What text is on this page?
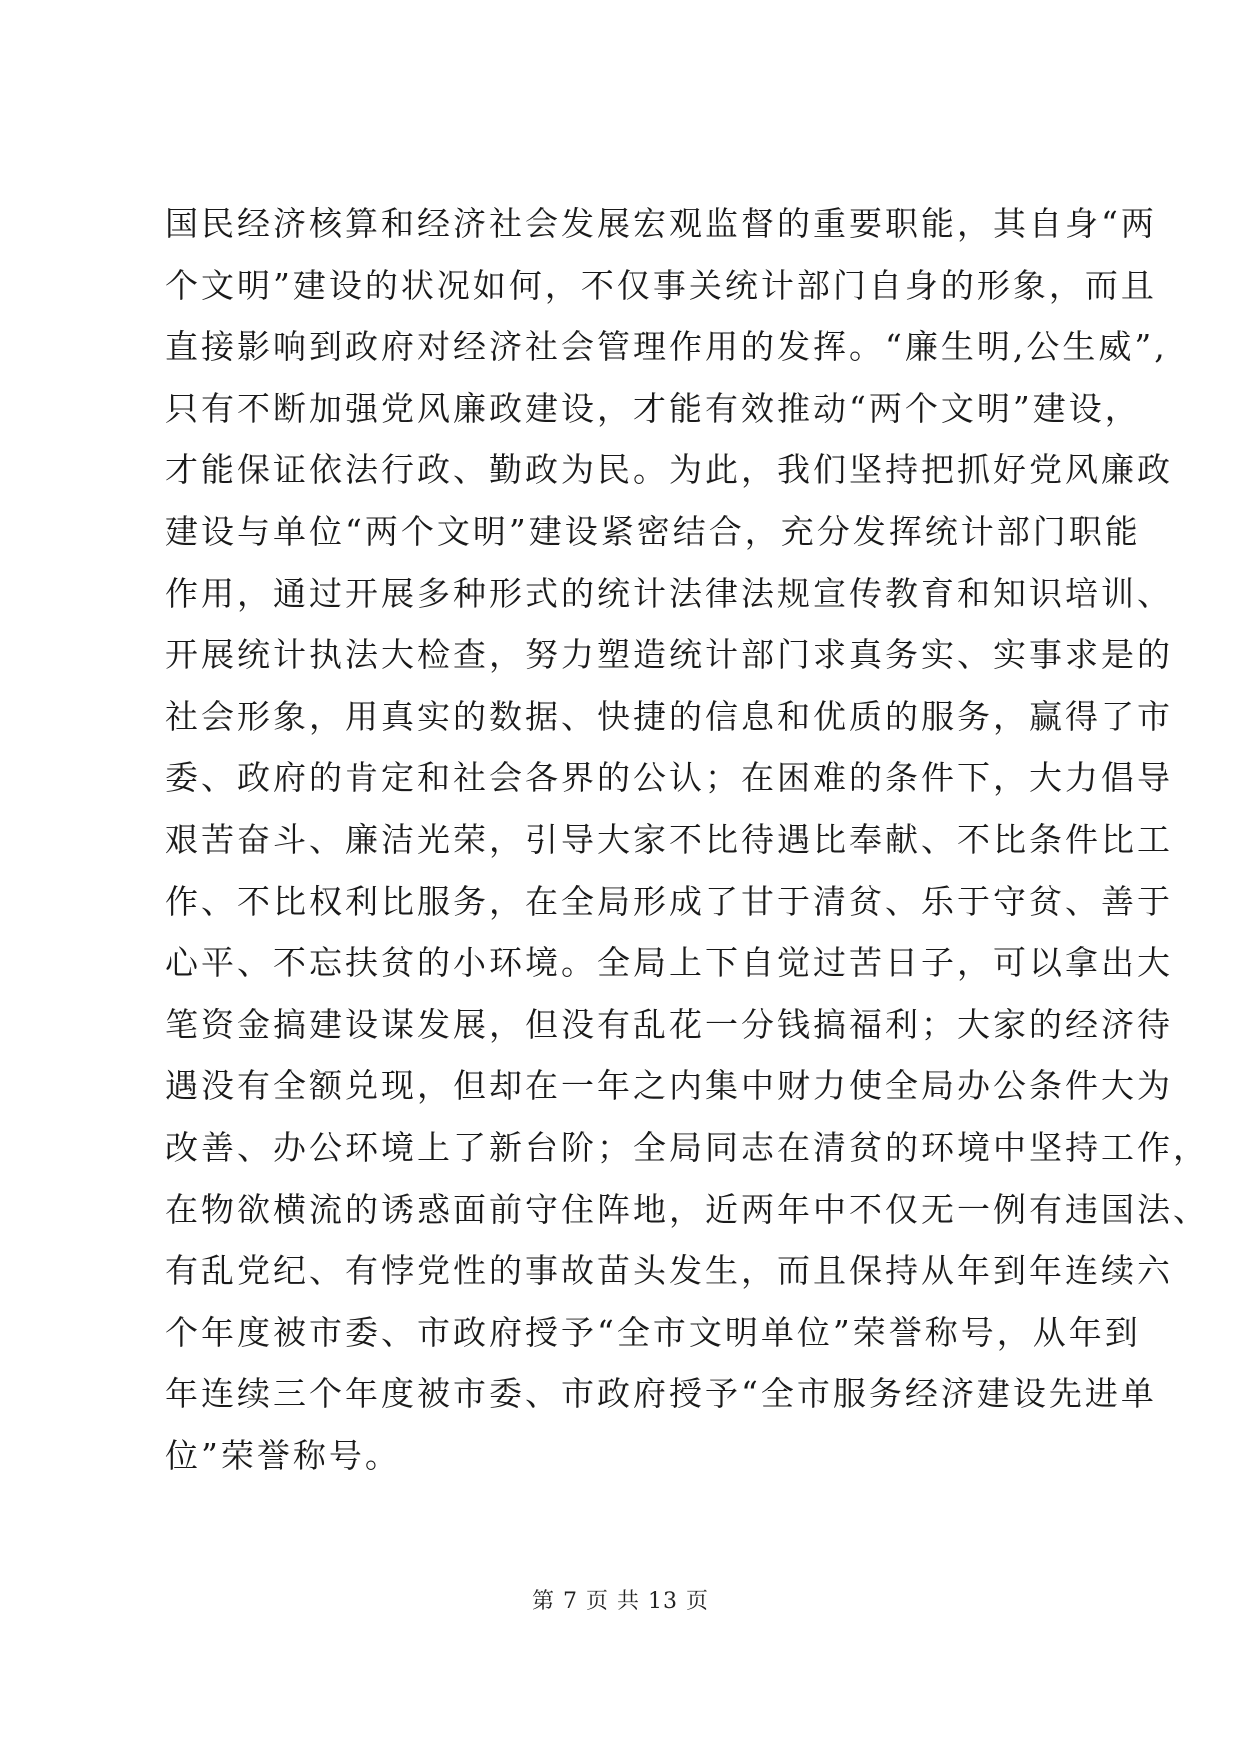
国民经济核算和经济社会发展宏观监督的重要职能，其自身“两
个文明”建设的状况如何，不仅事关统计部门自身的形象，而且
直接影响到政府对经济社会管理作用的发挥。“廉生明,公生威”,
只有不断加强党风廉政建设，才能有效推动“两个文明”建设，
才能保证依法行政、勤政为民。为此，我们坚持把抓好党风廉政
建设与单位“两个文明”建设紧密结合，充分发挥统计部门职能
作用，通过开展多种形式的统计法律法规宣传教育和知识培训、
开展统计执法大检查，努力塑造统计部门求真务实、实事求是的
社会形象，用真实的数据、快捷的信息和优质的服务，赢得了市
委、政府的肯定和社会各界的公认；在困难的条件下，大力倡导
艰苦奋斗、廉洁光荣，引导大家不比待遇比奉献、不比条件比工
作、不比权利比服务，在全局形成了甘于清贫、乐于守贫、善于
心平、不忘扶贫的小环境。全局上下自觉过苦日子，可以拿出大
笔资金搞建设谋发展，但没有乱花一分钱搞福利；大家的经济待
遇没有全额兑现，但却在一年之内集中财力使全局办公条件大为
改善、办公环境上了新台阶；全局同志在清贫的环境中坚持工作，
在物欲横流的诱惑面前守住阵地，近两年中不仅无一例有违国法、
有乱党纪、有悖党性的事故苗头发生，而且保持从年到年连续六
个年度被市委、市政府授予“全市文明单位”荣誉称号，从年到
年连续三个年度被市委、市政府授予“全市服务经济建设先进单
位”荣誉称号。
第 7 页 共 13 页
